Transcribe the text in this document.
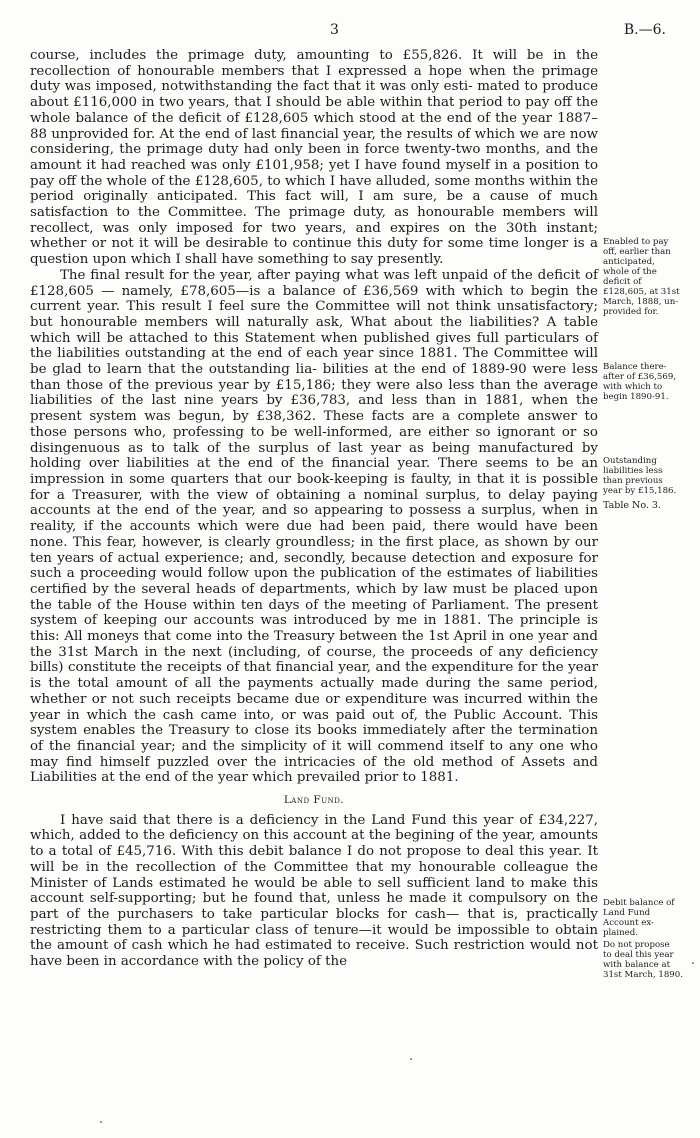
3	B.—6.

course, includes the primage duty, amounting to £55,826. It will be in the recollection of honourable members that I expressed a hope when the primage duty was imposed, notwithstanding the fact that it was only esti- mated to produce about £116,000 in two years, that I should be able within that period to pay off the whole balance of the deficit of £128,605 which stood at the end of the year 1887–88 unprovided for. At the end of last financial year, the results of which we are now considering, the primage duty had only been in force twenty-two months, and the amount it had reached was only £101,958; yet I have found myself in a position to pay off the whole of the £128,605, to which I have alluded, some months within the period originally anticipated. This fact will, I am sure, be a cause of much satisfaction to the Committee. The primage duty, as honourable members will recollect, was only imposed for two years, and expires on the 30th instant; whether or not it will be desirable to continue this duty for some time longer is a question upon which I shall have something to say presently.

The final result for the year, after paying what was left unpaid of the deficit of £128,605 — namely, £78,605—is a balance of £36,569 with which to begin the current year. This result I feel sure the Committee will not think unsatisfactory; but honourable members will naturally ask, What about the liabilities? A table which will be attached to this Statement when published gives full particulars of the liabilities outstanding at the end of each year since 1881. The Committee will be glad to learn that the outstanding lia- bilities at the end of 1889-90 were less than those of the previous year by £15,186; they were also less than the average liabilities of the last nine years by £36,783, and less than in 1881, when the present system was begun, by £38,362. These facts are a complete answer to those persons who, professing to be well-informed, are either so ignorant or so disingenuous as to talk of the surplus of last year as being manufactured by holding over liabilities at the end of the financial year. There seems to be an impression in some quarters that our book-keeping is faulty, in that it is possible for a Treasurer, with the view of obtaining a nominal surplus, to delay paying accounts at the end of the year, and so appearing to possess a surplus, when in reality, if the accounts which were due had been paid, there would have been none. This fear, however, is clearly groundless; in the first place, as shown by our ten years of actual experience; and, secondly, because detection and exposure for such a proceeding would follow upon the publication of the estimates of liabilities certified by the several heads of departments, which by law must be placed upon the table of the House within ten days of the meeting of Parliament. The present system of keeping our accounts was introduced by me in 1881. The principle is this: All moneys that come into the Treasury between the 1st April in one year and the 31st March in the next (including, of course, the proceeds of any deficiency bills) constitute the receipts of that financial year, and the expenditure for the year is the total amount of all the payments actually made during the same period, whether or not such receipts became due or expenditure was incurred within the year in which the cash came into, or was paid out of, the Public Account. This system enables the Treasury to close its books immediately after the termination of the financial year; and the simplicity of it will commend itself to any one who may find himself puzzled over the intricacies of the old method of Assets and Liabilities at the end of the year which prevailed prior to 1881.

Land Fund.

I have said that there is a deficiency in the Land Fund this year of £34,227, which, added to the deficiency on this account at the begining of the year, amounts to a total of £45,716. With this debit balance I do not propose to deal this year. It will be in the recollection of the Committee that my honourable colleague the Minister of Lands estimated he would be able to sell sufficient land to make this account self-supporting; but he found that, unless he made it compulsory on the part of the purchasers to take particular blocks for cash— that is, practically restricting them to a particular class of tenure—it would be impossible to obtain the amount of cash which he had estimated to receive. Such restriction would not have been in accordance with the policy of the

Enabled to pay
off, earlier than
anticipated,
whole of the
deficit of
£128,605, at 31st
March, 1888, un-
provided for.
Balance there-
after of £36,569,
with which to
begin 1890-91.
Outstanding
liabilities less
than previous
year by £15,186.
Table No. 3.
Debit balance of
Land Fund
Account ex-
plained.
Do not propose
to deal this year
with balance at
31st March, 1890.
